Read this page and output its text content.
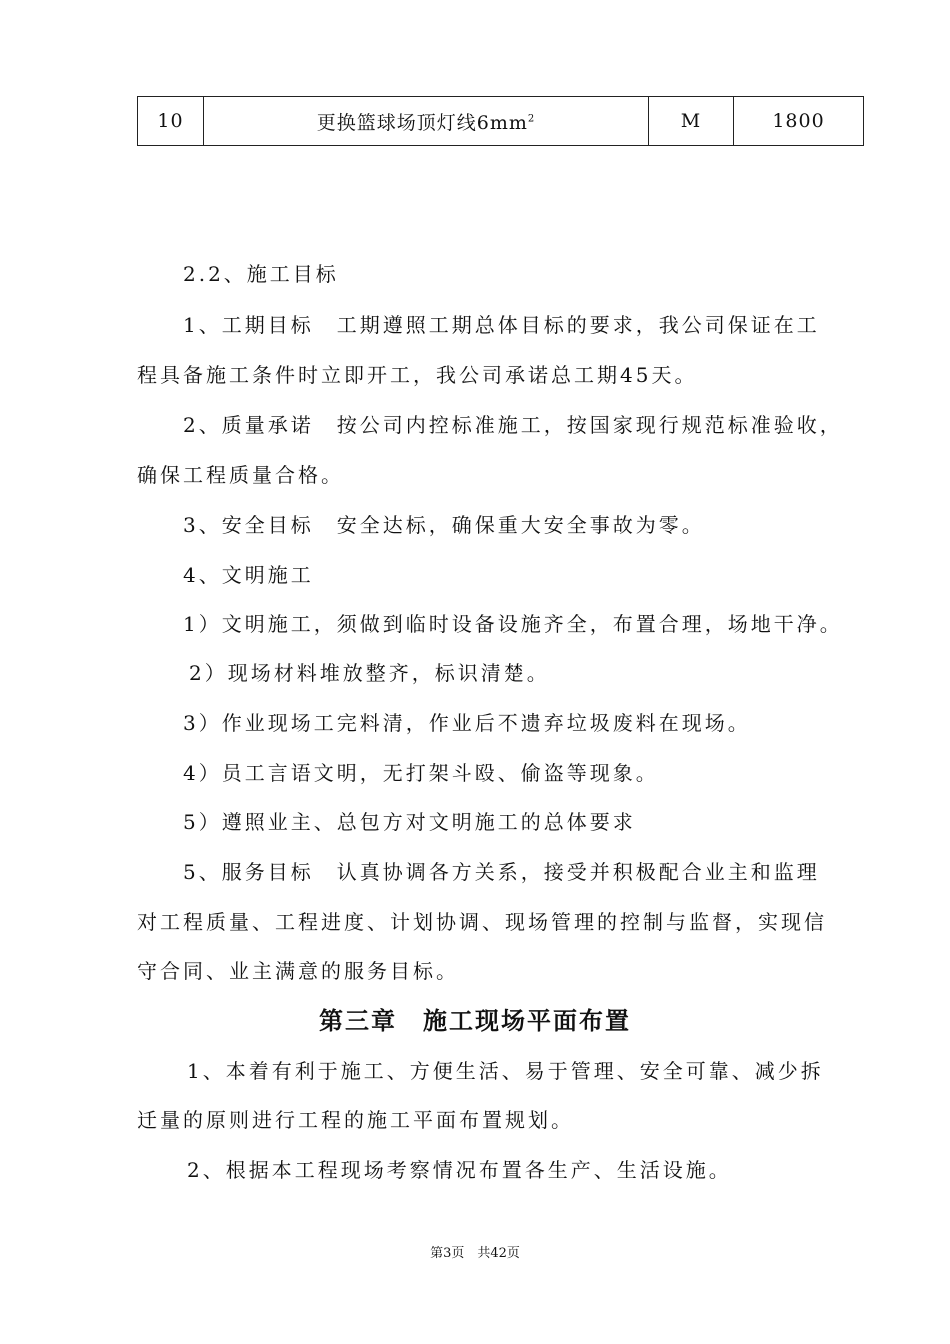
10	更换篮球场顶灯线$6mm^2$	M	1800
2.2、施工目标
1、工期目标　工期遵照工期总体目标的要求，我公司保证在工
程具备施工条件时立即开工，我公司承诺总工期45天。
2、质量承诺　按公司内控标准施工，按国家现行规范标准验收，
确保工程质量合格。
3、安全目标　安全达标，确保重大安全事故为零。
4、文明施工
1）文明施工，须做到临时设备设施齐全，布置合理，场地干净。
2）现场材料堆放整齐，标识清楚。
3）作业现场工完料清，作业后不遗弃垃圾废料在现场。
4）员工言语文明，无打架斗殴、偷盗等现象。
5）遵照业主、总包方对文明施工的总体要求
5、服务目标　认真协调各方关系，接受并积极配合业主和监理
对工程质量、工程进度、计划协调、现场管理的控制与监督，实现信
守合同、业主满意的服务目标。
第三章　施工现场平面布置
1、本着有利于施工、方便生活、易于管理、安全可靠、减少拆
迁量的原则进行工程的施工平面布置规划。
2、根据本工程现场考察情况布置各生产、生活设施。
第3页　共42页
